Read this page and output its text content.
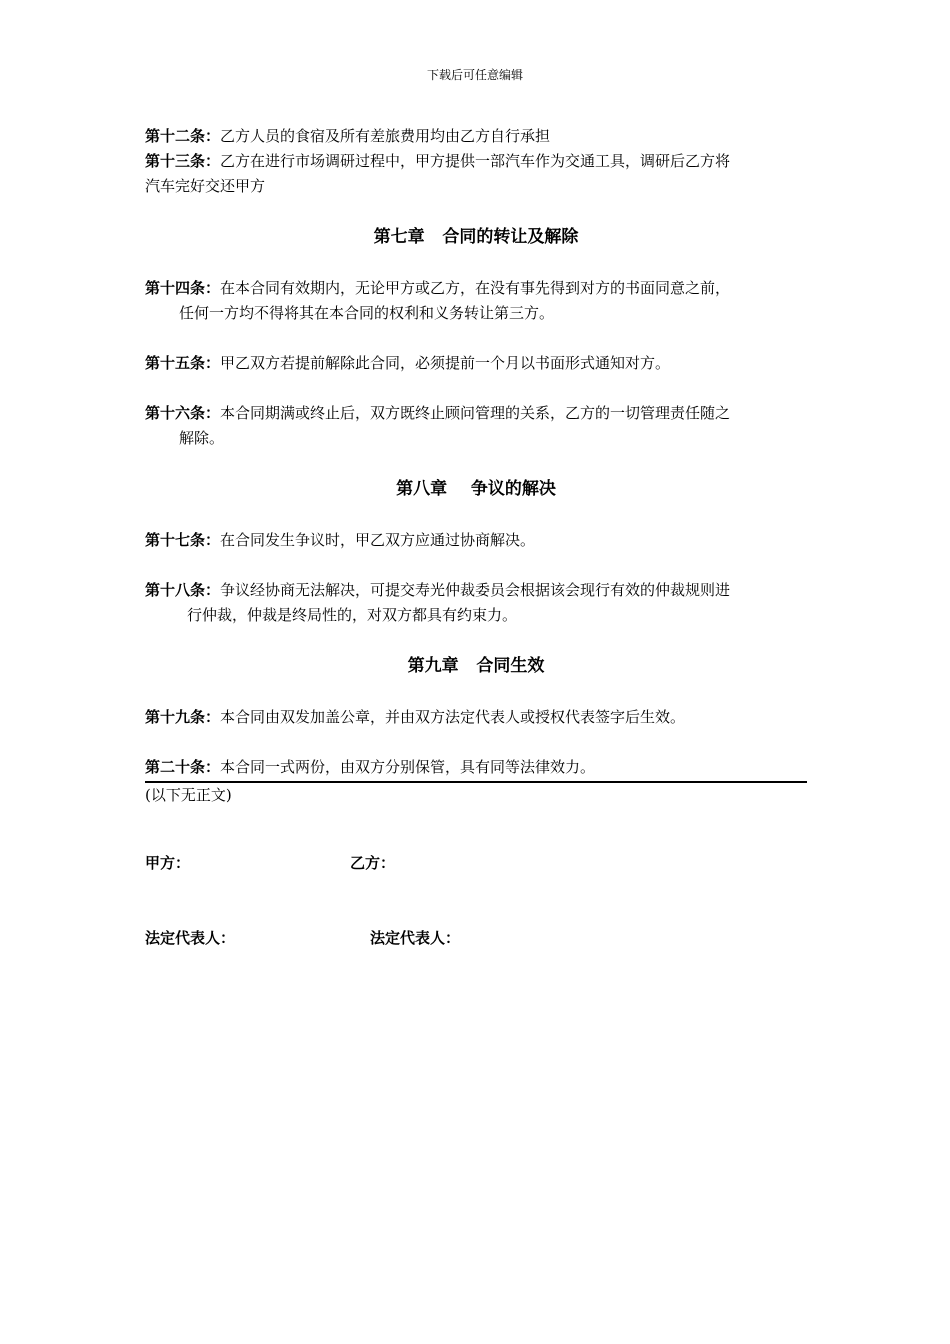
下载后可任意编辑

第十二条：乙方人员的食宿及所有差旅费用均由乙方自行承担

第十三条：乙方在进行市场调研过程中，甲方提供一部汽车作为交通工具，调研后乙方将
汽车完好交还甲方

第七章   合同的转让及解除

第十四条：在本合同有效期内，无论甲方或乙方，在没有事先得到对方的书面同意之前，
任何一方均不得将其在本合同的权利和义务转让第三方。

第十五条：甲乙双方若提前解除此合同，必须提前一个月以书面形式通知对方。

第十六条：本合同期满或终止后，双方既终止顾问管理的关系，乙方的一切管理责任随之
解除。

第八章    争议的解决

第十七条：在合同发生争议时，甲乙双方应通过协商解决。

第十八条：争议经协商无法解决，可提交寿光仲裁委员会根据该会现行有效的仲裁规则进
行仲裁，仲裁是终局性的，对双方都具有约束力。

第九章   合同生效

第十九条：本合同由双发加盖公章，并由双方法定代表人或授权代表签字后生效。

第二十条：本合同一式两份，由双方分别保管，具有同等法律效力。

(以下无正文)

甲方：	乙方：
法定代表人：	法定代表人：
